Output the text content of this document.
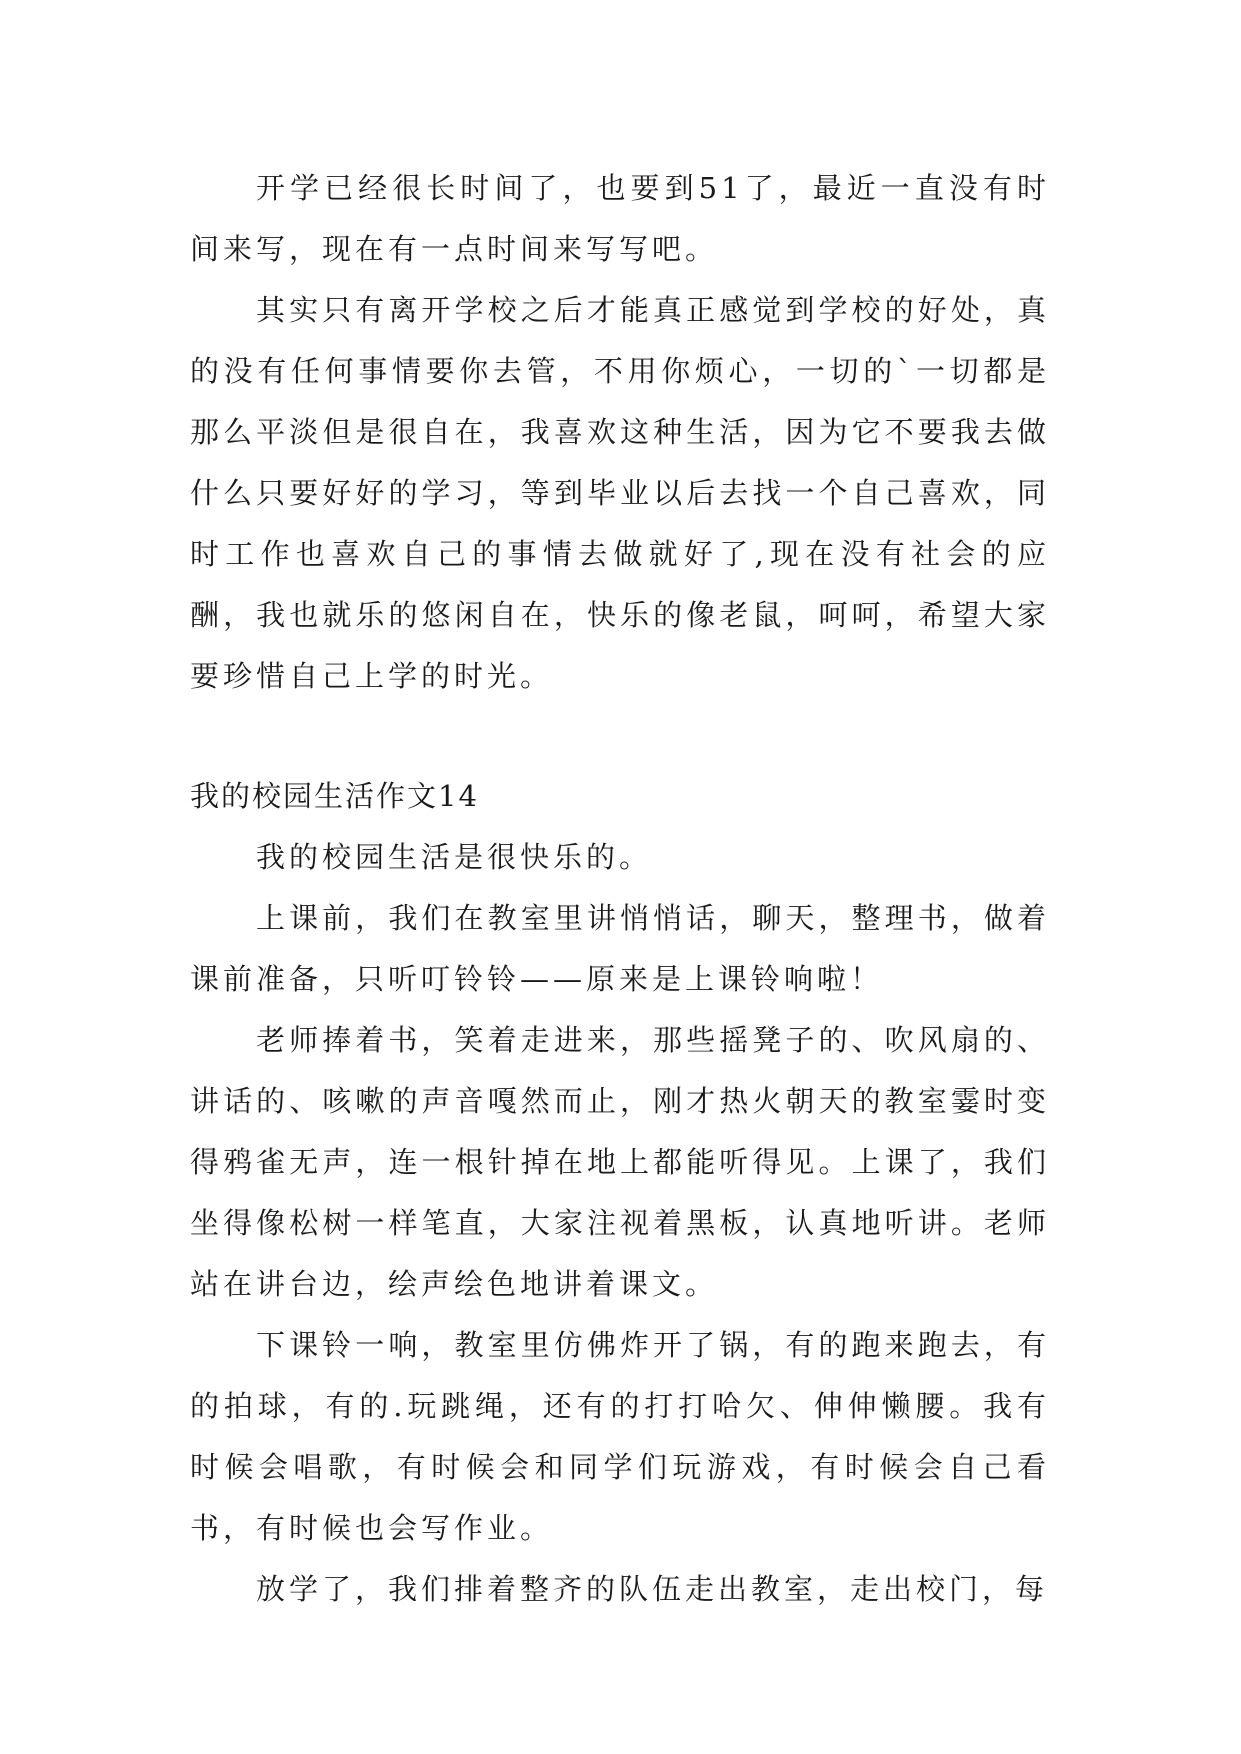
开学已经很长时间了，也要到51了，最近一直没有时间来写，现在有一点时间来写写吧。

其实只有离开学校之后才能真正感觉到学校的好处，真的没有任何事情要你去管，不用你烦心，一切的`一切都是那么平淡但是很自在，我喜欢这种生活，因为它不要我去做什么只要好好的学习，等到毕业以后去找一个自己喜欢，同时工作也喜欢自己的事情去做就好了,现在没有社会的应酬，我也就乐的悠闲自在，快乐的像老鼠，呵呵，希望大家要珍惜自己上学的时光。

我的校园生活作文14

我的校园生活是很快乐的。

上课前，我们在教室里讲悄悄话，聊天，整理书，做着课前准备，只听叮铃铃——原来是上课铃响啦！

老师捧着书，笑着走进来，那些摇凳子的、吹风扇的、讲话的、咳嗽的声音嘎然而止，刚才热火朝天的教室霎时变得鸦雀无声，连一根针掉在地上都能听得见。上课了，我们坐得像松树一样笔直，大家注视着黑板，认真地听讲。老师站在讲台边，绘声绘色地讲着课文。

下课铃一响，教室里仿佛炸开了锅，有的跑来跑去，有的拍球，有的.玩跳绳，还有的打打哈欠、伸伸懒腰。我有时候会唱歌，有时候会和同学们玩游戏，有时候会自己看书，有时候也会写作业。

放学了，我们排着整齐的队伍走出教室，走出校门，每
